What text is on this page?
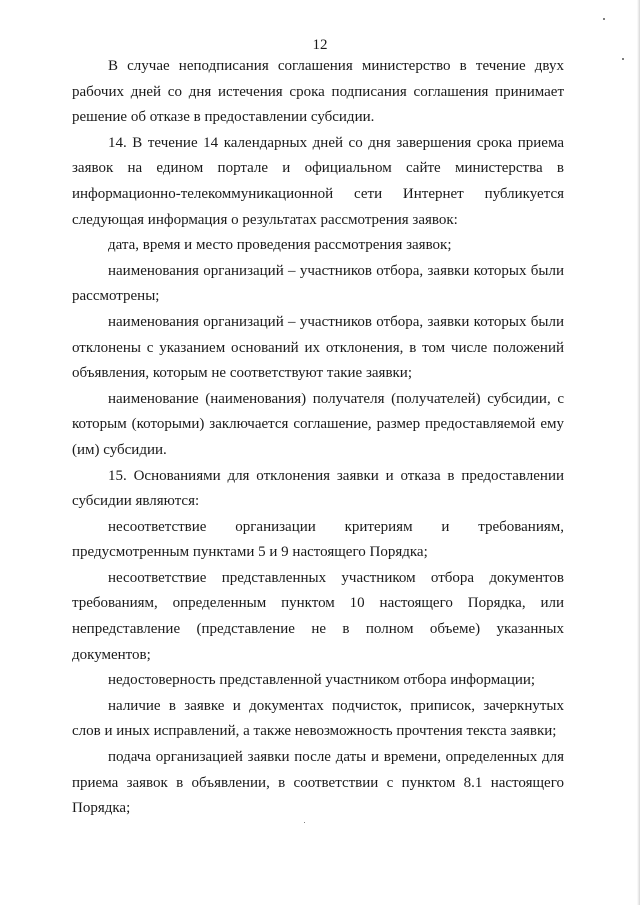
12

В случае неподписания соглашения министерство в течение двух рабочих дней со дня истечения срока подписания соглашения принимает решение об отказе в предоставлении субсидии.

14. В течение 14 календарных дней со дня завершения срока приема заявок на едином портале и официальном сайте министерства в информационно-телекоммуникационной сети Интернет публикуется следующая информация о результатах рассмотрения заявок:

дата, время и место проведения рассмотрения заявок;

наименования организаций – участников отбора, заявки которых были рассмотрены;

наименования организаций – участников отбора, заявки которых были отклонены с указанием оснований их отклонения, в том числе положений объявления, которым не соответствуют такие заявки;

наименование (наименования) получателя (получателей) субсидии, с которым (которыми) заключается соглашение, размер предоставляемой ему (им) субсидии.

15. Основаниями для отклонения заявки и отказа в предоставлении субсидии являются:

несоответствие организации критериям и требованиям, предусмотренным пунктами 5 и 9 настоящего Порядка;

несоответствие представленных участником отбора документов требованиям, определенным пунктом 10 настоящего Порядка, или непредставление (представление не в полном объеме) указанных документов;

недостоверность представленной участником отбора информации;

наличие в заявке и документах подчисток, приписок, зачеркнутых слов и иных исправлений, а также невозможность прочтения текста заявки;

подача организацией заявки после даты и времени, определенных для приема заявок в объявлении, в соответствии с пунктом 8.1 настоящего Порядка;
